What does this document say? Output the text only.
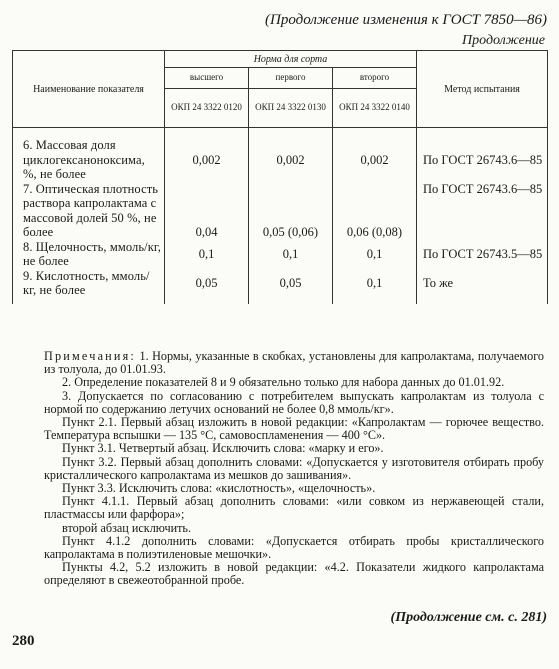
(Продолжение изменения к ГОСТ 7850—86)
Продолжение
Наименование показателя	Норма для сорта			Метод испытания
	высшего	первого	второго	
	ОКП 24 3322 0120	ОКП 24 3322 0130	ОКП 24 3322 0140	
6. Массовая доля циклогексаноноксима, %, не более	0,002	0,002	0,002	По ГОСТ 26743.6—85
7. Оптическая плотность раствора капролактама с массовой долей 50 %, не более	0,04	0,05 (0,06)	0,06 (0,08)	По ГОСТ 26743.6—85
8. Щелочность, ммоль/кг, не более	0,1	0,1	0,1	По ГОСТ 26743.5—85
9. Кислотность, ммоль/кг, не более	0,05	0,05	0,1	То же

Примечания: 1. Нормы, указанные в скобках, установлены для капролактама, получаемого из толуола, до 01.01.93.

2. Определение показателей 8 и 9 обязательно только для набора данных до 01.01.92.

3. Допускается по согласованию с потребителем выпускать капролактам из толуола с нормой по содержанию летучих оснований не более 0,8 ммоль/кг».

Пункт 2.1. Первый абзац изложить в новой редакции: «Капролактам — горючее вещество. Температура вспышки — 135 °С, самовоспламенения — 400 °С».

Пункт 3.1. Четвертый абзац. Исключить слова: «марку и его».

Пункт 3.2. Первый абзац дополнить словами: «Допускается у изготовителя отбирать пробу кристаллического капролактама из мешков до зашивания».

Пункт 3.3. Исключить слова: «кислотность», «щелочность».

Пункт 4.1.1. Первый абзац дополнить словами: «или совком из нержавеющей стали, пластмассы или фарфора»;

второй абзац исключить.

Пункт 4.1.2 дополнить словами: «Допускается отбирать пробы кристаллического капролактама в полиэтиленовые мешочки».

Пункты 4.2, 5.2 изложить в новой редакции: «4.2. Показатели жидкого капролактама определяют в свежеотобранной пробе.

(Продолжение см. с. 281)
280
